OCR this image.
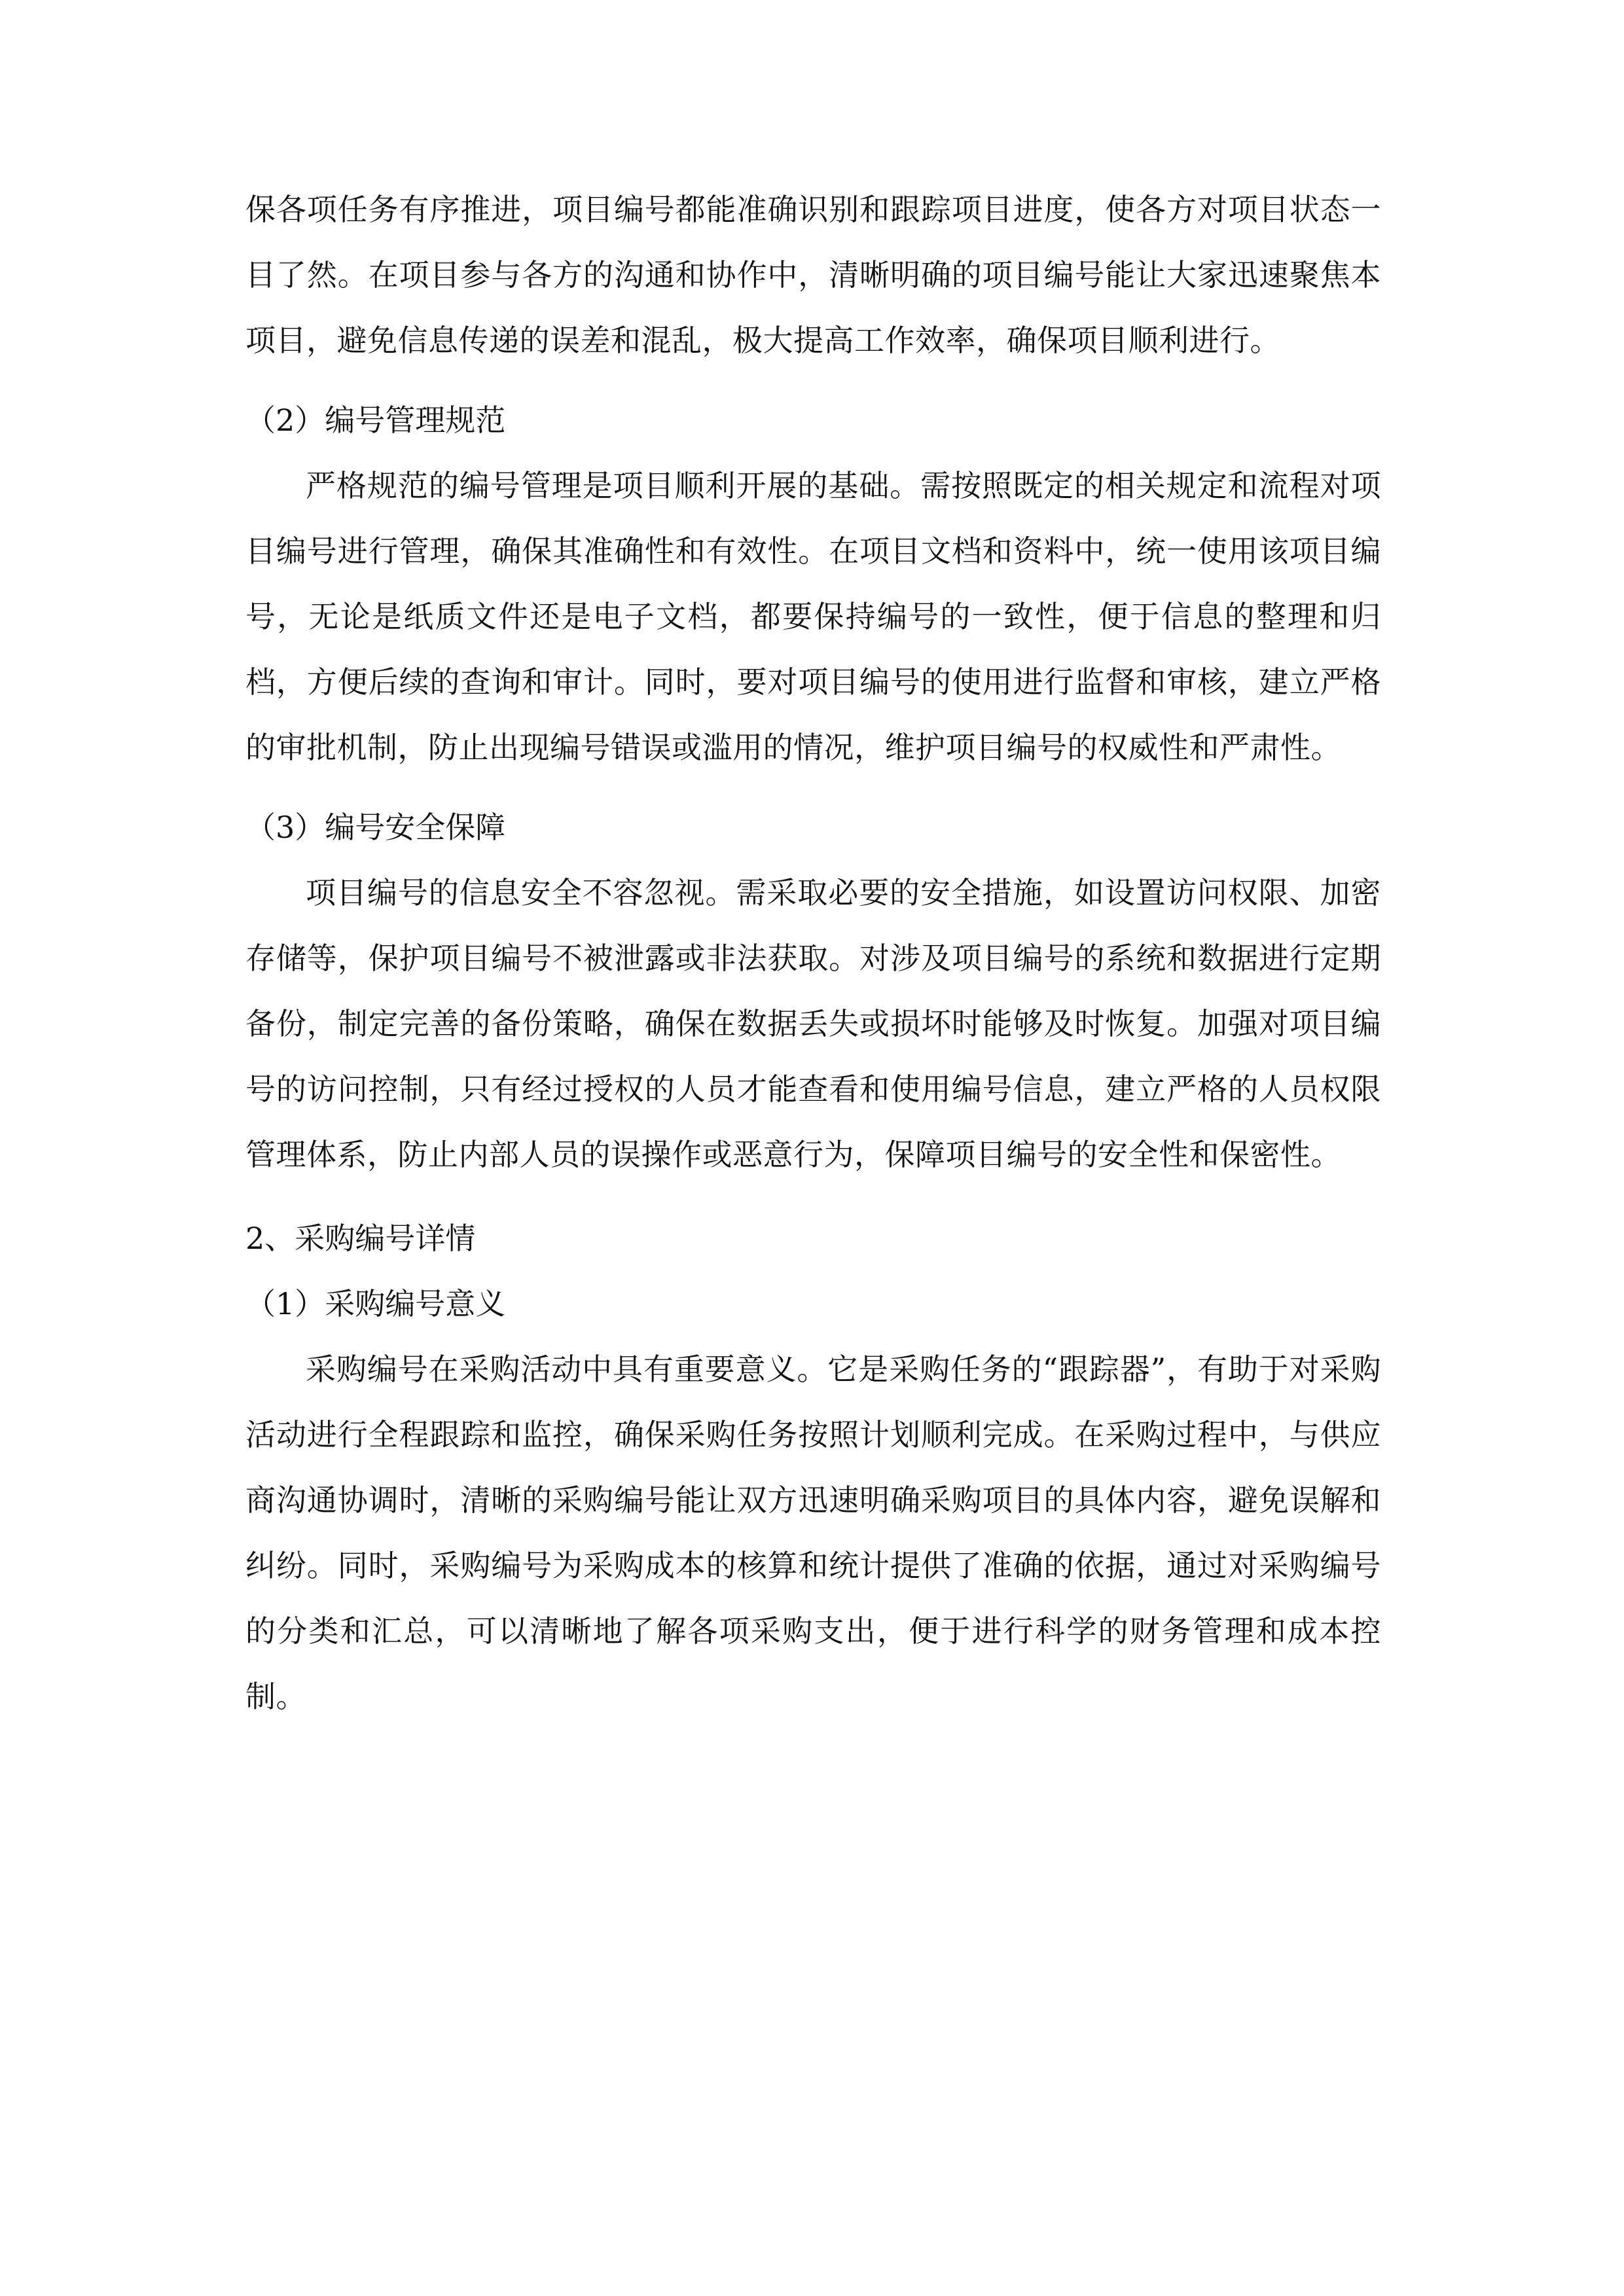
保各项任务有序推进，项目编号都能准确识别和跟踪项目进度，使各方对项目状态一目了然。在项目参与各方的沟通和协作中，清晰明确的项目编号能让大家迅速聚焦本项目，避免信息传递的误差和混乱，极大提高工作效率，确保项目顺利进行。

（2）编号管理规范

严格规范的编号管理是项目顺利开展的基础。需按照既定的相关规定和流程对项目编号进行管理，确保其准确性和有效性。在项目文档和资料中，统一使用该项目编号，无论是纸质文件还是电子文档，都要保持编号的一致性，便于信息的整理和归档，方便后续的查询和审计。同时，要对项目编号的使用进行监督和审核，建立严格的审批机制，防止出现编号错误或滥用的情况，维护项目编号的权威性和严肃性。

（3）编号安全保障

项目编号的信息安全不容忽视。需采取必要的安全措施，如设置访问权限、加密存储等，保护项目编号不被泄露或非法获取。对涉及项目编号的系统和数据进行定期备份，制定完善的备份策略，确保在数据丢失或损坏时能够及时恢复。加强对项目编号的访问控制，只有经过授权的人员才能查看和使用编号信息，建立严格的人员权限管理体系，防止内部人员的误操作或恶意行为，保障项目编号的安全性和保密性。

2、采购编号详情

（1）采购编号意义

采购编号在采购活动中具有重要意义。它是采购任务的“跟踪器”，有助于对采购活动进行全程跟踪和监控，确保采购任务按照计划顺利完成。在采购过程中，与供应商沟通协调时，清晰的采购编号能让双方迅速明确采购项目的具体内容，避免误解和纠纷。同时，采购编号为采购成本的核算和统计提供了准确的依据，通过对采购编号的分类和汇总，可以清晰地了解各项采购支出，便于进行科学的财务管理和成本控制。
